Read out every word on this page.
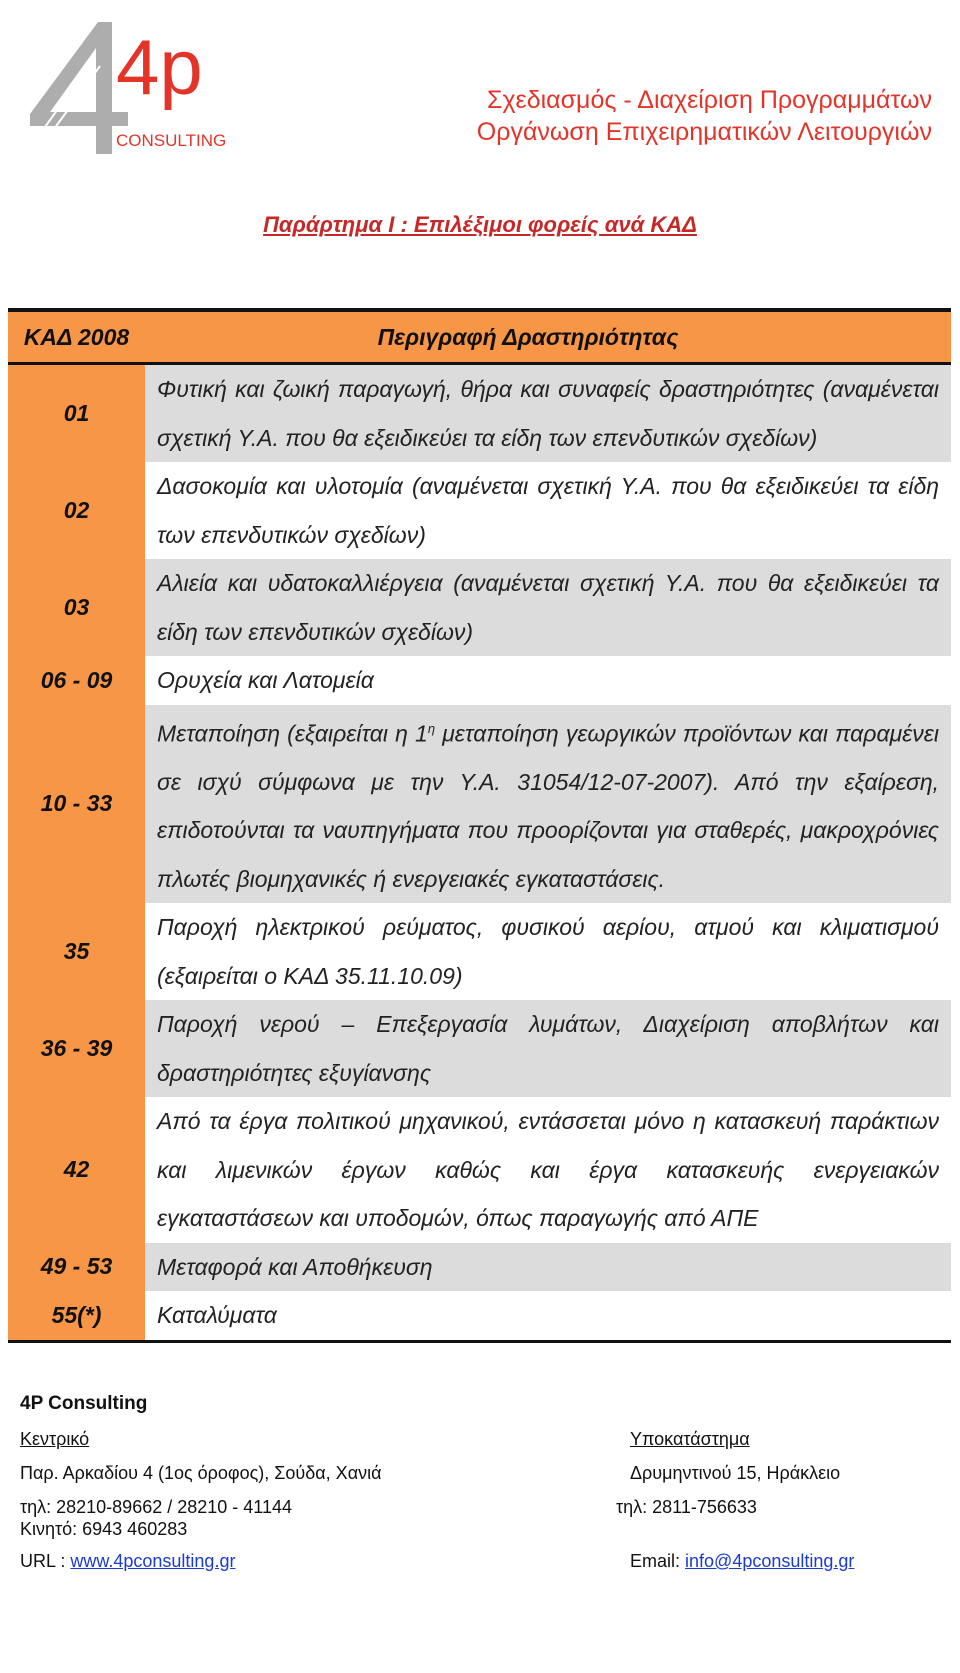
4p
CONSULTING
Σχεδιασμός - Διαχείριση Προγραμμάτων
Οργάνωση Επιχειρηματικών Λειτουργιών
Παράρτημα I : Επιλέξιμοι φορείς ανά ΚΑΔ
ΚΑΔ 2008	Περιγραφή Δραστηριότητας
01	Φυτική και ζωική παραγωγή, θήρα και συναφείς δραστηριότητες (αναμένεται σχετική Υ.Α. που θα εξειδικεύει τα είδη των επενδυτικών σχεδίων)
02	Δασοκομία και υλοτομία (αναμένεται σχετική Υ.Α. που θα εξειδικεύει τα είδη των επενδυτικών σχεδίων)
03	Αλιεία και υδατοκαλλιέργεια (αναμένεται σχετική Υ.Α. που θα εξειδικεύει τα είδη των επενδυτικών σχεδίων)
06 - 09	Ορυχεία και Λατομεία
10 - 33	Μεταποίηση (εξαιρείται η $1^\eta$ μεταποίηση γεωργικών προϊόντων και παραμένει σε ισχύ σύμφωνα με την Υ.Α. 31054/12-07-2007). Από την εξαίρεση, επιδοτούνται τα ναυπηγήματα που προορίζονται για σταθερές, μακροχρόνιες πλωτές βιομηχανικές ή ενεργειακές εγκαταστάσεις.
35	Παροχή ηλεκτρικού ρεύματος, φυσικού αερίου, ατμού και κλιματισμού (εξαιρείται ο ΚΑΔ 35.11.10.09)
36 - 39	Παροχή νερού – Επεξεργασία λυμάτων, Διαχείριση αποβλήτων και δραστηριότητες εξυγίανσης
42	Από τα έργα πολιτικού μηχανικού, εντάσσεται μόνο η κατασκευή παράκτιων και λιμενικών έργων καθώς και έργα κατασκευής ενεργειακών εγκαταστάσεων και υποδομών, όπως παραγωγής από ΑΠΕ
49 - 53	Μεταφορά και Αποθήκευση
55(*)	Καταλύματα
4P Consulting
Κεντρικό
Παρ. Αρκαδίου 4 (1ος όροφος), Σούδα, Χανιά
τηλ: 28210-89662 / 28210 - 41144
Κινητό: 6943 460283
URL : www.4pconsulting.gr
Υποκατάστημα
Δρυμηντινού 15, Ηράκλειο
τηλ: 2811-756633
Email: info@4pconsulting.gr
